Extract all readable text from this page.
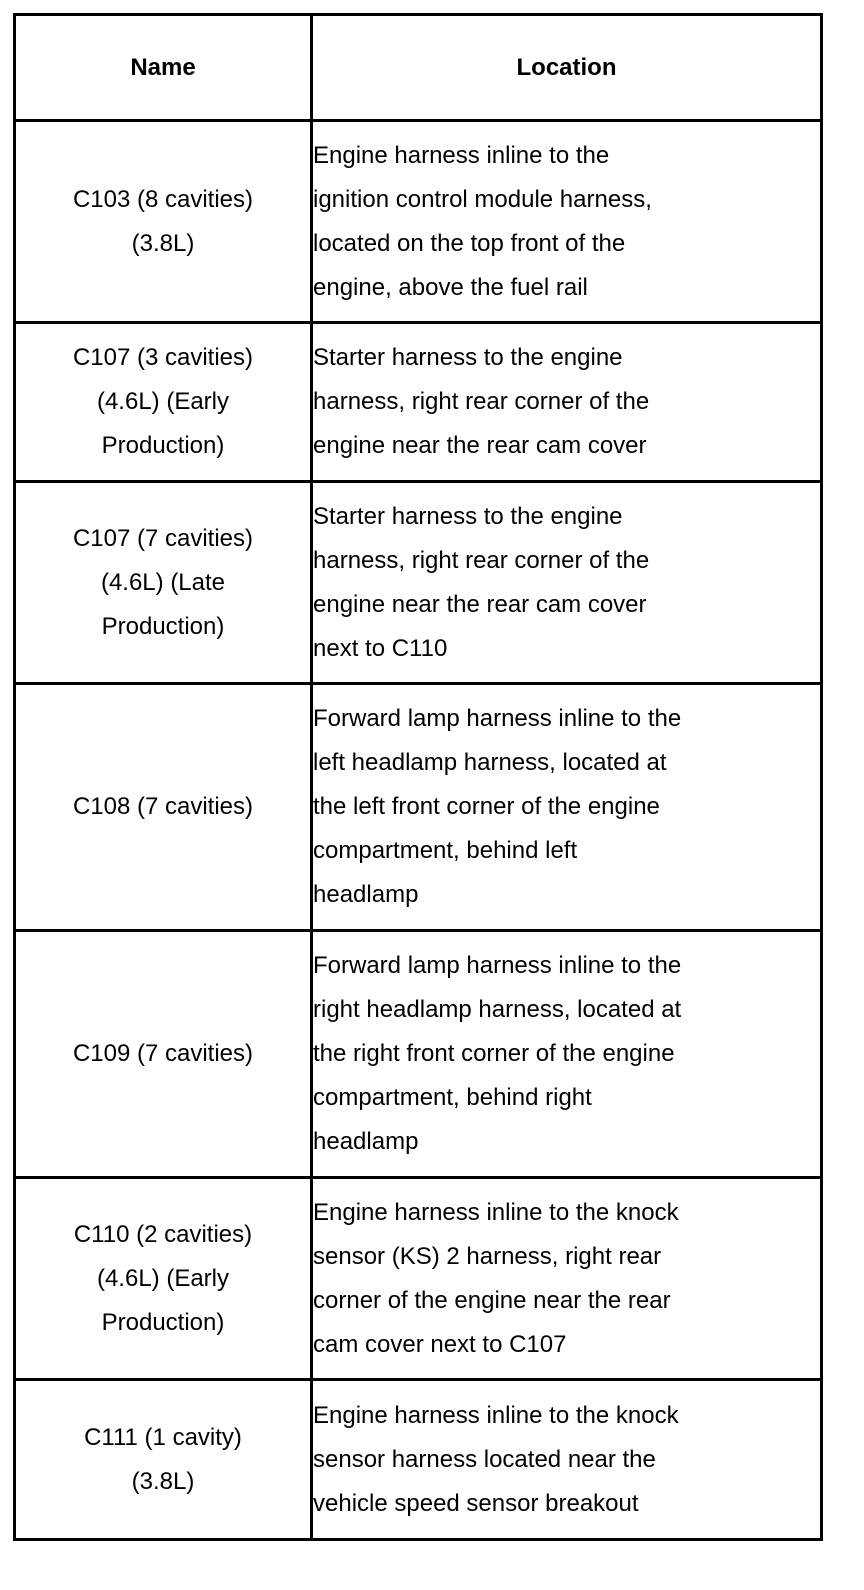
Name	Location

C103 (8 cavities)
(3.8L)	Engine harness inline to the
ignition control module harness,
located on the top front of the
engine, above the fuel rail

C107 (3 cavities)
(4.6L) (Early
Production)	Starter harness to the engine
harness, right rear corner of the
engine near the rear cam cover

C107 (7 cavities)
(4.6L) (Late
Production)	Starter harness to the engine
harness, right rear corner of the
engine near the rear cam cover
next to C110

C108 (7 cavities)	Forward lamp harness inline to the
left headlamp harness, located at
the left front corner of the engine
compartment, behind left
headlamp

C109 (7 cavities)	Forward lamp harness inline to the
right headlamp harness, located at
the right front corner of the engine
compartment, behind right
headlamp

C110 (2 cavities)
(4.6L) (Early
Production)	Engine harness inline to the knock
sensor (KS) 2 harness, right rear
corner of the engine near the rear
cam cover next to C107

C111 (1 cavity)
(3.8L)	Engine harness inline to the knock
sensor harness located near the
vehicle speed sensor breakout
